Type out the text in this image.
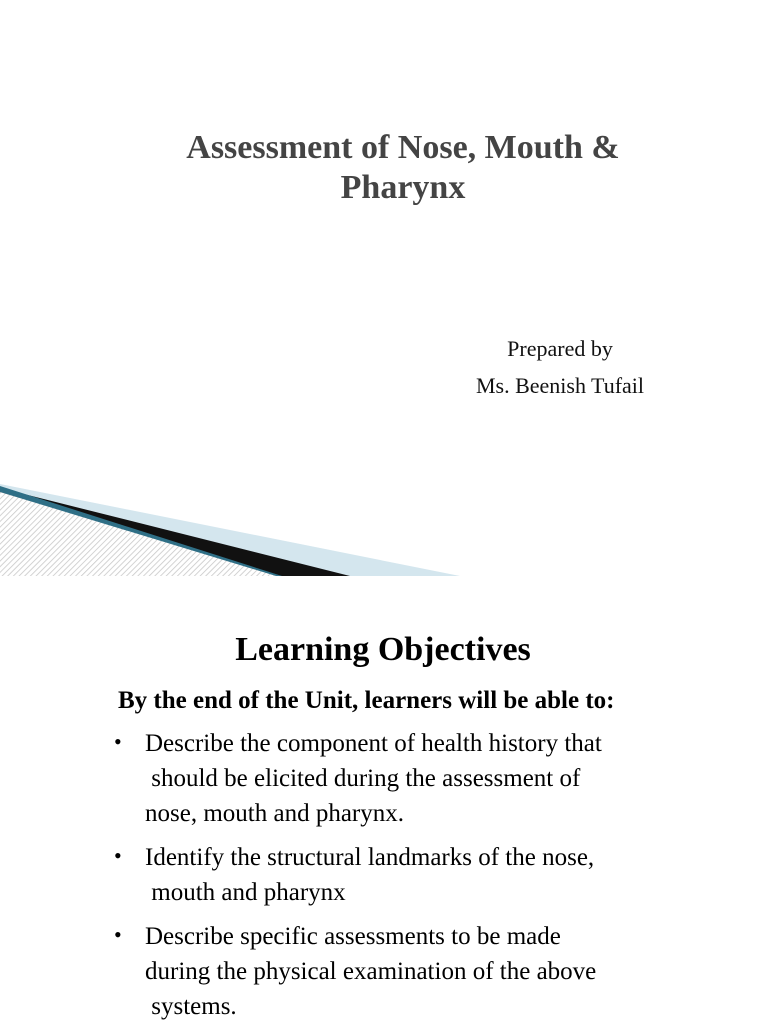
Assessment of Nose, Mouth &
Pharynx
Prepared by
Ms. Beenish Tufail
Learning Objectives
By the end of the Unit, learners will be able to:
• Describe the component of health history that
should be elicited during the assessment of
nose, mouth and pharynx.
• Identify the structural landmarks of the nose,
mouth and pharynx
• Describe specific assessments to be made
during the physical examination of the above
systems.
